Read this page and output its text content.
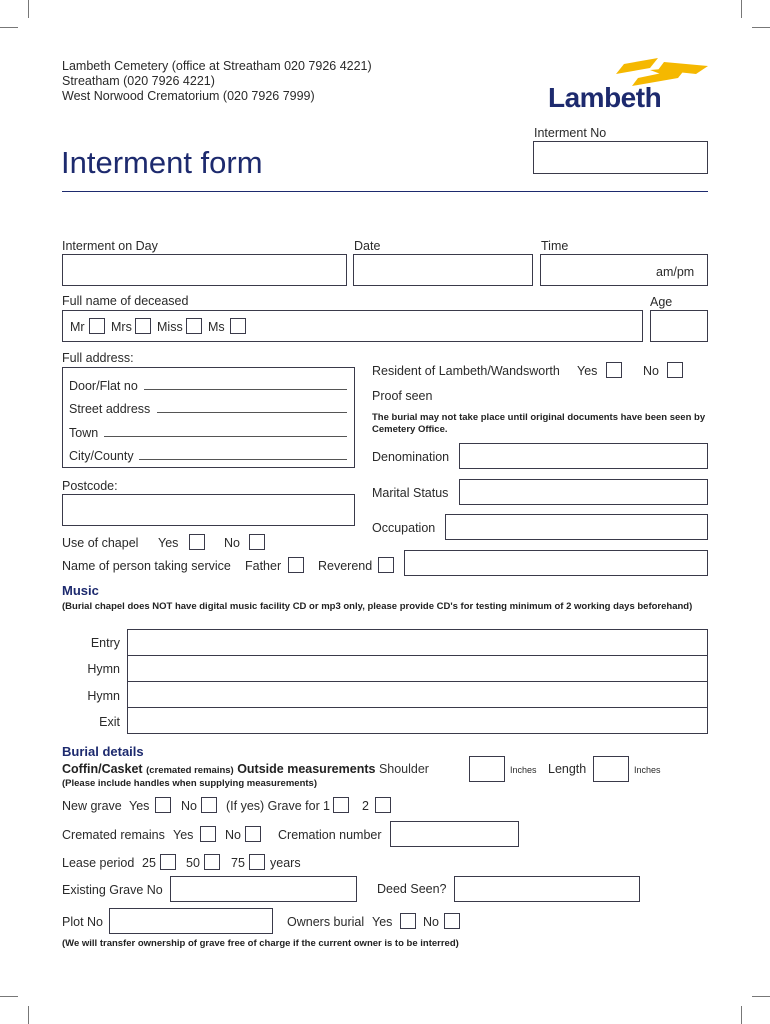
Lambeth Cemetery (office at Streatham 020 7926 4221)
Streatham (020 7926 4221)
West Norwood Crematorium (020 7926 7999)	Lambeth
Interment No
Interment form
Interment on Day	Date	Time
am/pm
Full name of deceased	Age
Mr Mrs Miss Ms
Full address:
Door/Flat no
Street address
Town
City/County
Postcode:
Resident of Lambeth/Wandsworth Yes	No
Proof seen
The burial may not take place until original documents have been seen by Cemetery Office.
Denomination
Marital Status
Occupation
Use of chapel Yes	No
Name of person taking service Father	Reverend
Music
(Burial chapel does NOT have digital music facility CD or mp3 only, please provide CD's for testing minimum of 2 working days beforehand)
Entry
Hymn
Hymn
Exit
Burial details
Coffin/Casket (cremated remains) Outside measurements Shoulder	Inches Length	Inches
(Please include handles when supplying measurements)
New grave Yes	No (If yes) Grave for 1	2
Cremated remains Yes	No	Cremation number
Lease period 25 50 75 years
Existing Grave No	Deed Seen?
Plot No	Owners burial Yes No
(We will transfer ownership of grave free of charge if the current owner is to be interred)
